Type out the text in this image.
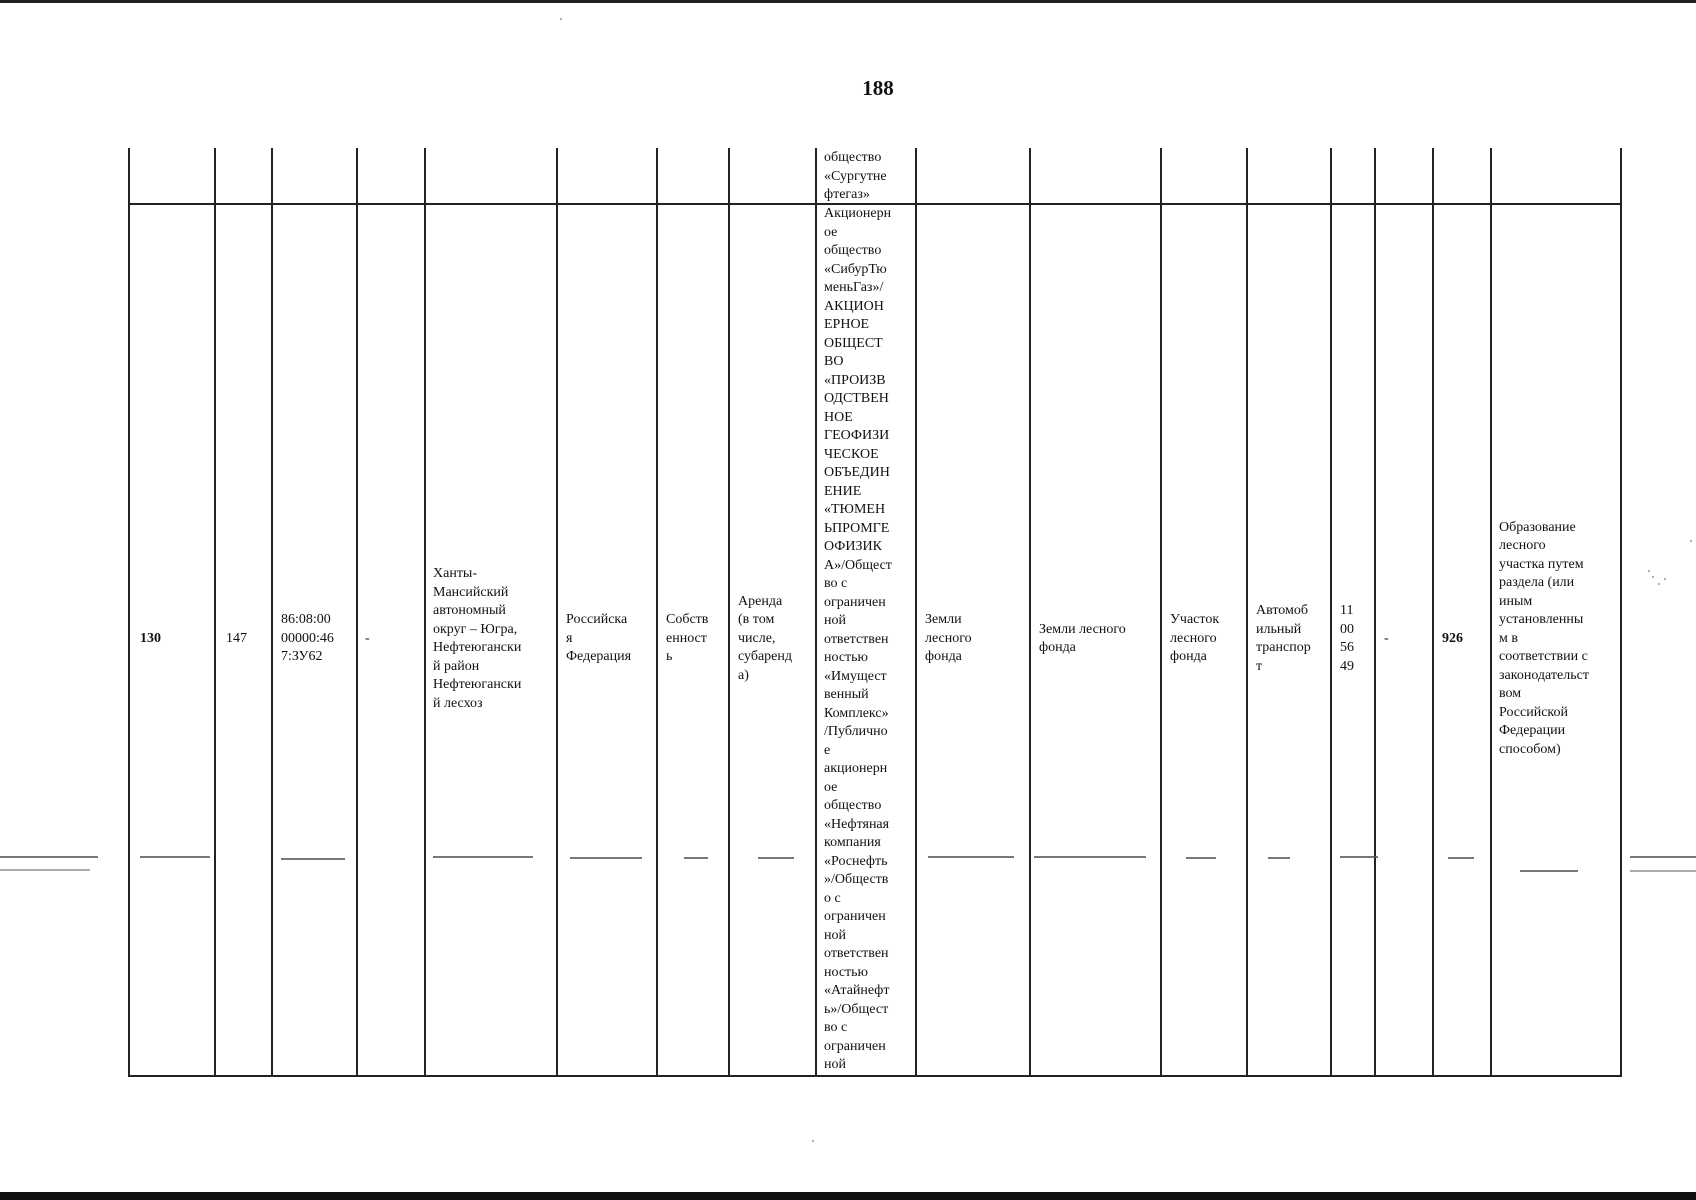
188
общество
«Сургутне
фтегаз»
130	147
86:08:00
00000:46
7:ЗУ62
-
Ханты-
Мансийский
автономный
округ – Югра,
Нефтеюгански
й район
Нефтеюгански
й лесхоз
Российска
я
Федерация
Собств
енност
ь
Аренда
(в том
числе,
субаренд
а)
Акционерн
ое
общество
«СибурТю
меньГаз»/
АКЦИОН
ЕРНОЕ
ОБЩЕСТ
ВО
«ПРОИЗВ
ОДСТВЕН
НОЕ
ГЕОФИЗИ
ЧЕСКОЕ
ОБЪЕДИН
ЕНИЕ
«ТЮМЕН
ЬПРОМГЕ
ОФИЗИК
А»/Общест
во с
ограничен
ной
ответствен
ностью
«Имущест
венный
Комплекс»
/Публично
е
акционерн
ое
общество
«Нефтяная
компания
«Роснефть
»/Обществ
о с
ограничен
ной
ответствен
ностью
«Атайнефт
ь»/Общест
во с
ограничен
ной
Земли
лесного
фонда
Земли лесного
фонда
Участок
лесного
фонда
Автомоб
ильный
транспор
т
11
00
56
49
-	926
Образование
лесного
участка путем
раздела (или
иным
установленны
м в
соответствии с
законодательст
вом
Российской
Федерации
способом)
